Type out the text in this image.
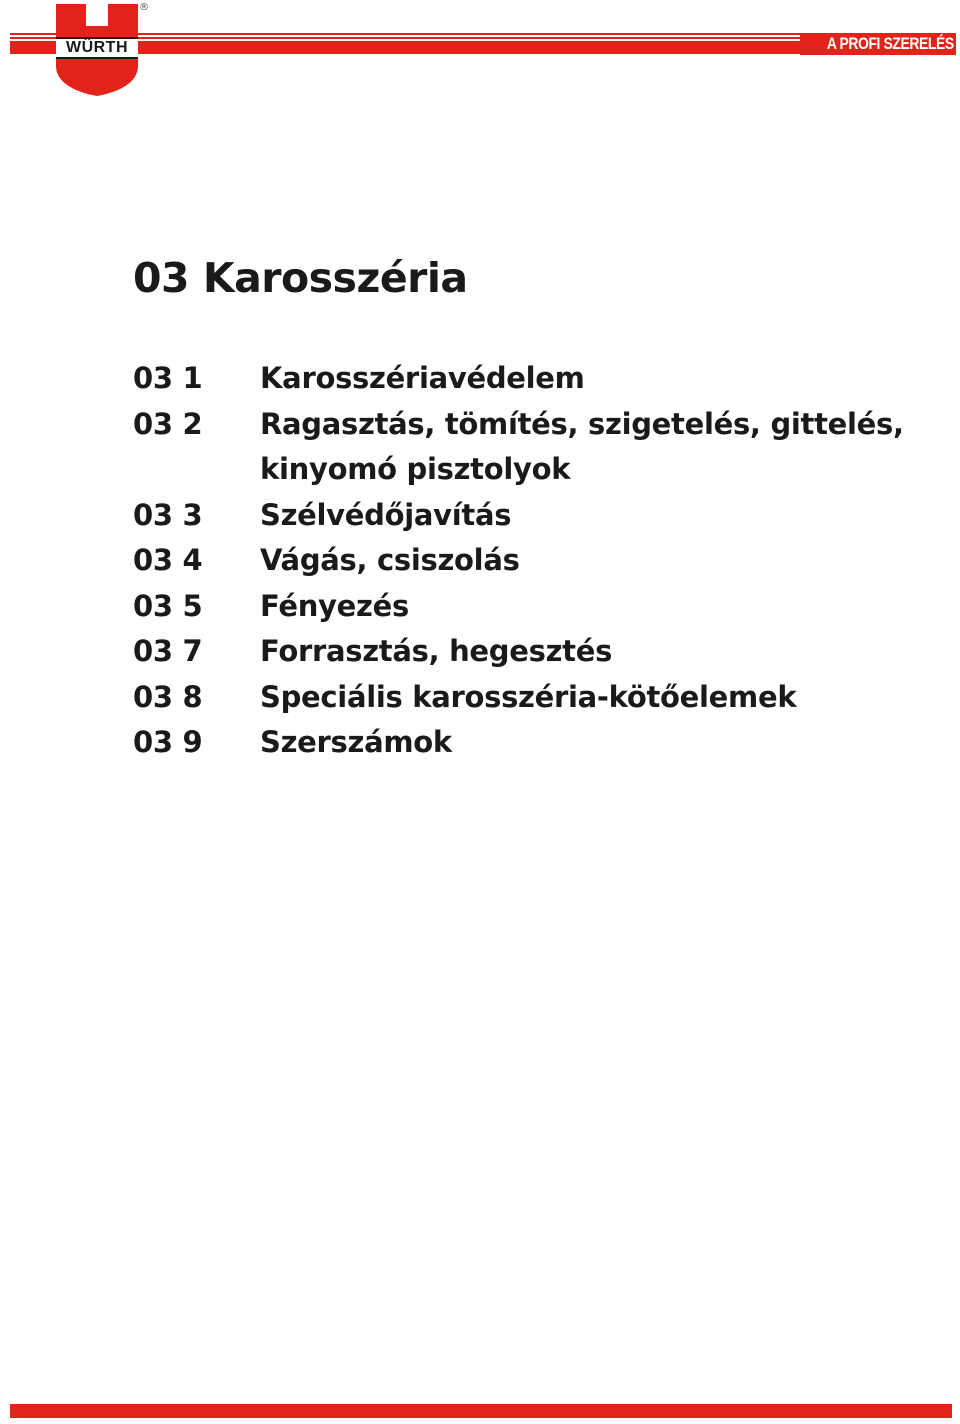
A PROFI SZERELÉS
WÜRTH
®
03 Karosszéria
03 1	Karosszériavédelem
03 2	Ragasztás, tömítés, szigetelés, gittelés,
kinyomó pisztolyok
03 3	Szélvédőjavítás
03 4	Vágás, csiszolás
03 5	Fényezés
03 7	Forrasztás, hegesztés
03 8	Speciális karosszéria-kötőelemek
03 9	Szerszámok
